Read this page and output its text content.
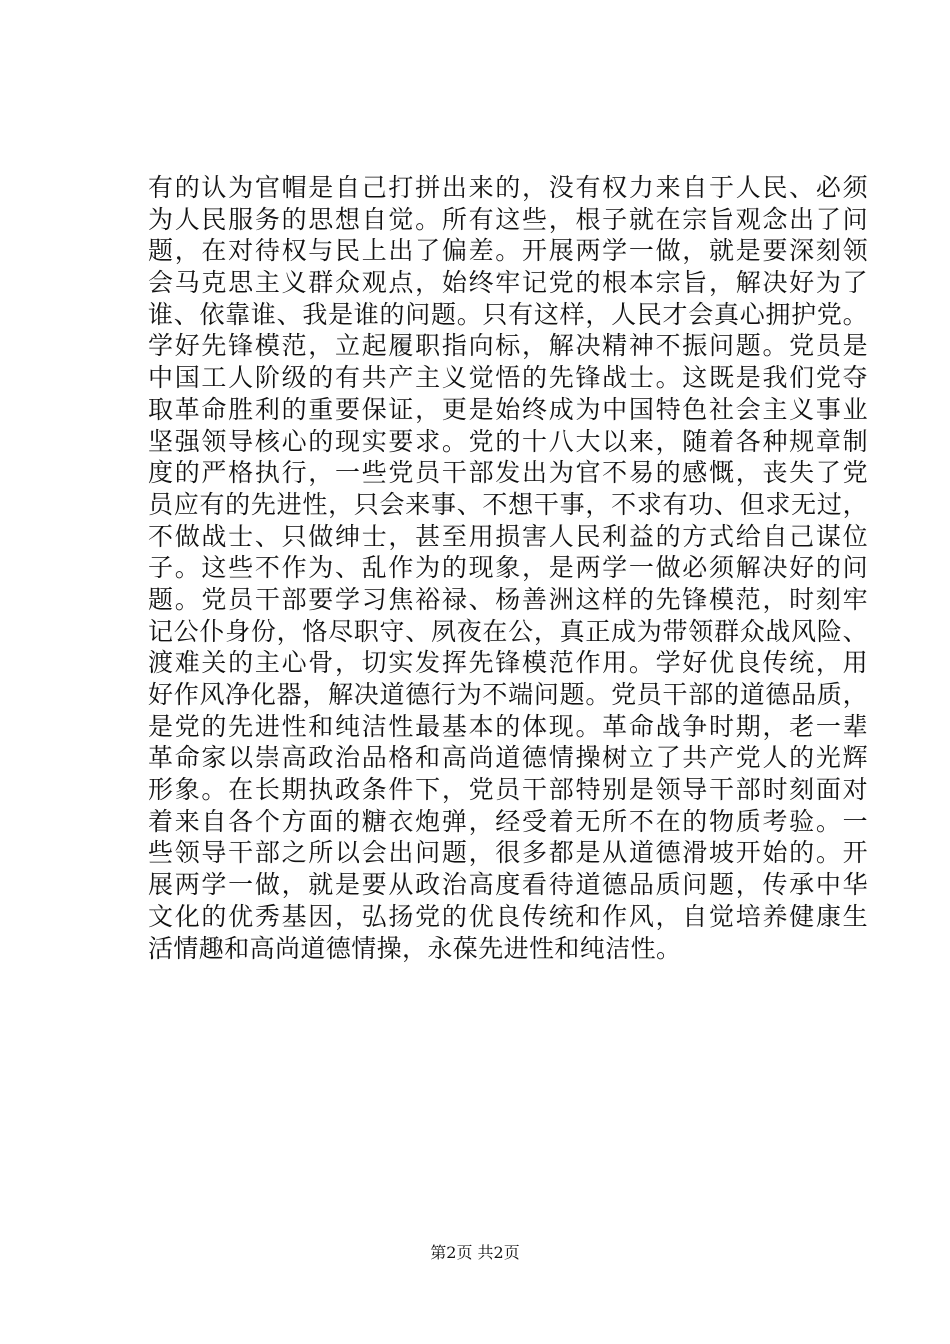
有的认为官帽是自己打拼出来的，没有权力来自于人民、必须
为人民服务的思想自觉。所有这些，根子就在宗旨观念出了问
题，在对待权与民上出了偏差。开展两学一做，就是要深刻领
会马克思主义群众观点，始终牢记党的根本宗旨，解决好为了
谁、依靠谁、我是谁的问题。只有这样，人民才会真心拥护党。
学好先锋模范，立起履职指向标，解决精神不振问题。党员是
中国工人阶级的有共产主义觉悟的先锋战士。这既是我们党夺
取革命胜利的重要保证，更是始终成为中国特色社会主义事业
坚强领导核心的现实要求。党的十八大以来，随着各种规章制
度的严格执行，一些党员干部发出为官不易的感慨，丧失了党
员应有的先进性，只会来事、不想干事，不求有功、但求无过，
不做战士、只做绅士，甚至用损害人民利益的方式给自己谋位
子。这些不作为、乱作为的现象，是两学一做必须解决好的问
题。党员干部要学习焦裕禄、杨善洲这样的先锋模范，时刻牢
记公仆身份，恪尽职守、夙夜在公，真正成为带领群众战风险、
渡难关的主心骨，切实发挥先锋模范作用。学好优良传统，用
好作风净化器，解决道德行为不端问题。党员干部的道德品质，
是党的先进性和纯洁性最基本的体现。革命战争时期，老一辈
革命家以崇高政治品格和高尚道德情操树立了共产党人的光辉
形象。在长期执政条件下，党员干部特别是领导干部时刻面对
着来自各个方面的糖衣炮弹，经受着无所不在的物质考验。一
些领导干部之所以会出问题，很多都是从道德滑坡开始的。开
展两学一做，就是要从政治高度看待道德品质问题，传承中华
文化的优秀基因，弘扬党的优良传统和作风，自觉培养健康生
活情趣和高尚道德情操，永葆先进性和纯洁性。
第2页 共2页
